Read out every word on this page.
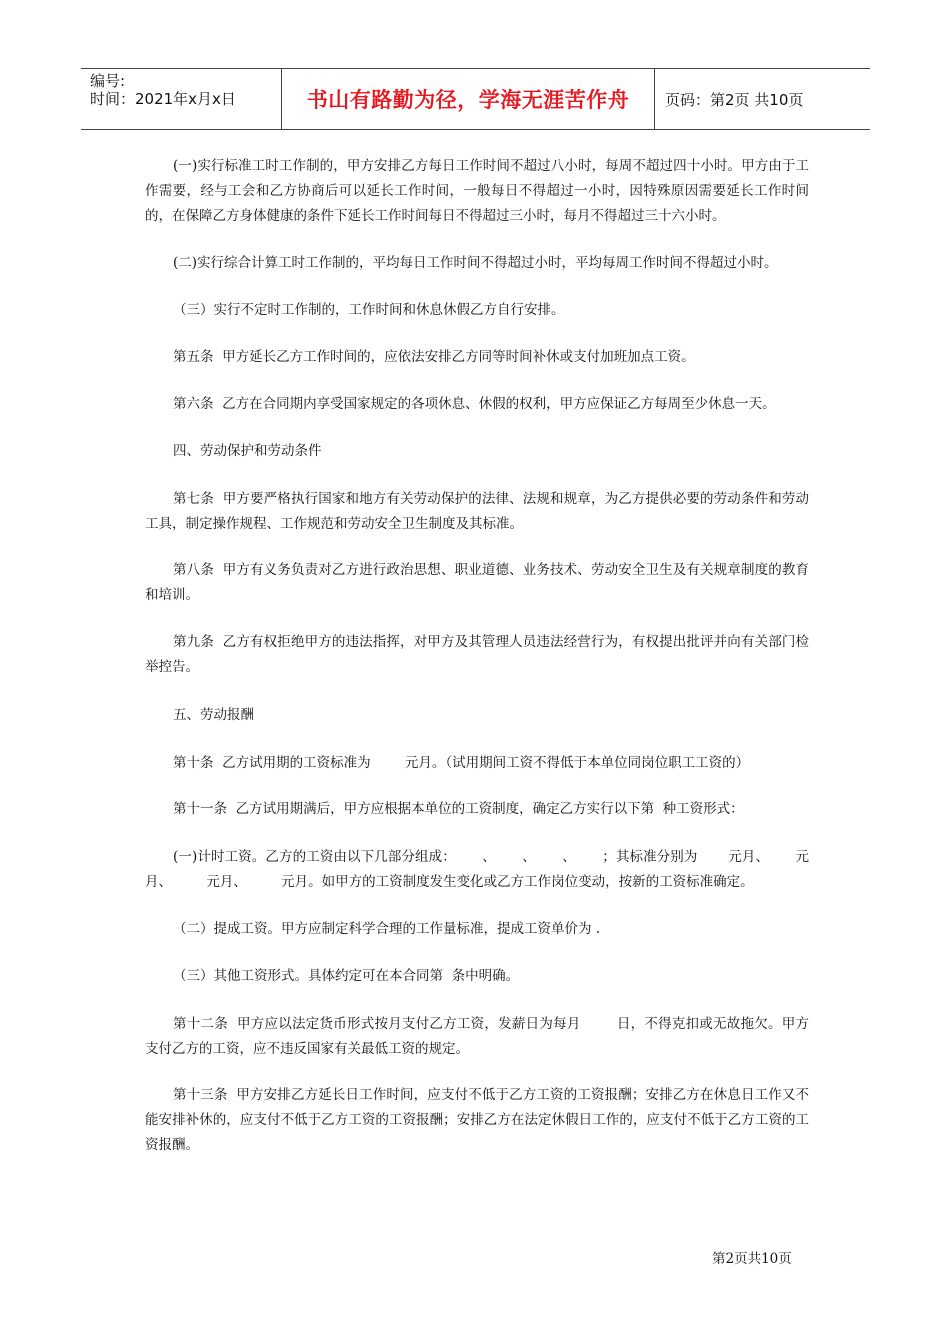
编号:
时间：2021年x月x日	书山有路勤为径，学海无涯苦作舟	页码：第2页 共10页

(一)实行标准工时工作制的，甲方安排乙方每日工作时间不超过八小时，每周不超过四十小时。甲方由于工作需要，经与工会和乙方协商后可以延长工作时间，一般每日不得超过一小时，因特殊原因需要延长工作时间的，在保障乙方身体健康的条件下延长工作时间每日不得超过三小时，每月不得超过三十六小时。

(二)实行综合计算工时工作制的，平均每日工作时间不得超过小时，平均每周工作时间不得超过小时。

（三）实行不定时工作制的，工作时间和休息休假乙方自行安排。

第五条  甲方延长乙方工作时间的，应依法安排乙方同等时间补休或支付加班加点工资。

第六条  乙方在合同期内享受国家规定的各项休息、休假的权利，甲方应保证乙方每周至少休息一天。

四、劳动保护和劳动条件

第七条  甲方要严格执行国家和地方有关劳动保护的法律、法规和规章，为乙方提供必要的劳动条件和劳动工具，制定操作规程、工作规范和劳动安全卫生制度及其标准。

第八条  甲方有义务负责对乙方进行政治思想、职业道德、业务技术、劳动安全卫生及有关规章制度的教育和培训。

第九条  乙方有权拒绝甲方的违法指挥，对甲方及其管理人员违法经营行为，有权提出批评并向有关部门检举控告。

五、劳动报酬

第十条  乙方试用期的工资标准为        元月。（试用期间工资不得低于本单位同岗位职工工资的）

第十一条  乙方试用期满后，甲方应根据本单位的工资制度，确定乙方实行以下第  种工资形式：

(一)计时工资。乙方的工资由以下几部分组成：      、      、      、      ；其标准分别为       元月、      元月、        元月、        元月。如甲方的工资制度发生变化或乙方工作岗位变动，按新的工资标准确定。

（二）提成工资。甲方应制定科学合理的工作量标准，提成工资单价为 .

（三）其他工资形式。具体约定可在本合同第  条中明确。

第十二条  甲方应以法定货币形式按月支付乙方工资，发薪日为每月        日，不得克扣或无故拖欠。甲方支付乙方的工资，应不违反国家有关最低工资的规定。

第十三条  甲方安排乙方延长日工作时间，应支付不低于乙方工资的工资报酬；安排乙方在休息日工作又不能安排补休的，应支付不低于乙方工资的工资报酬；安排乙方在法定休假日工作的，应支付不低于乙方工资的工资报酬。

第2页共10页
